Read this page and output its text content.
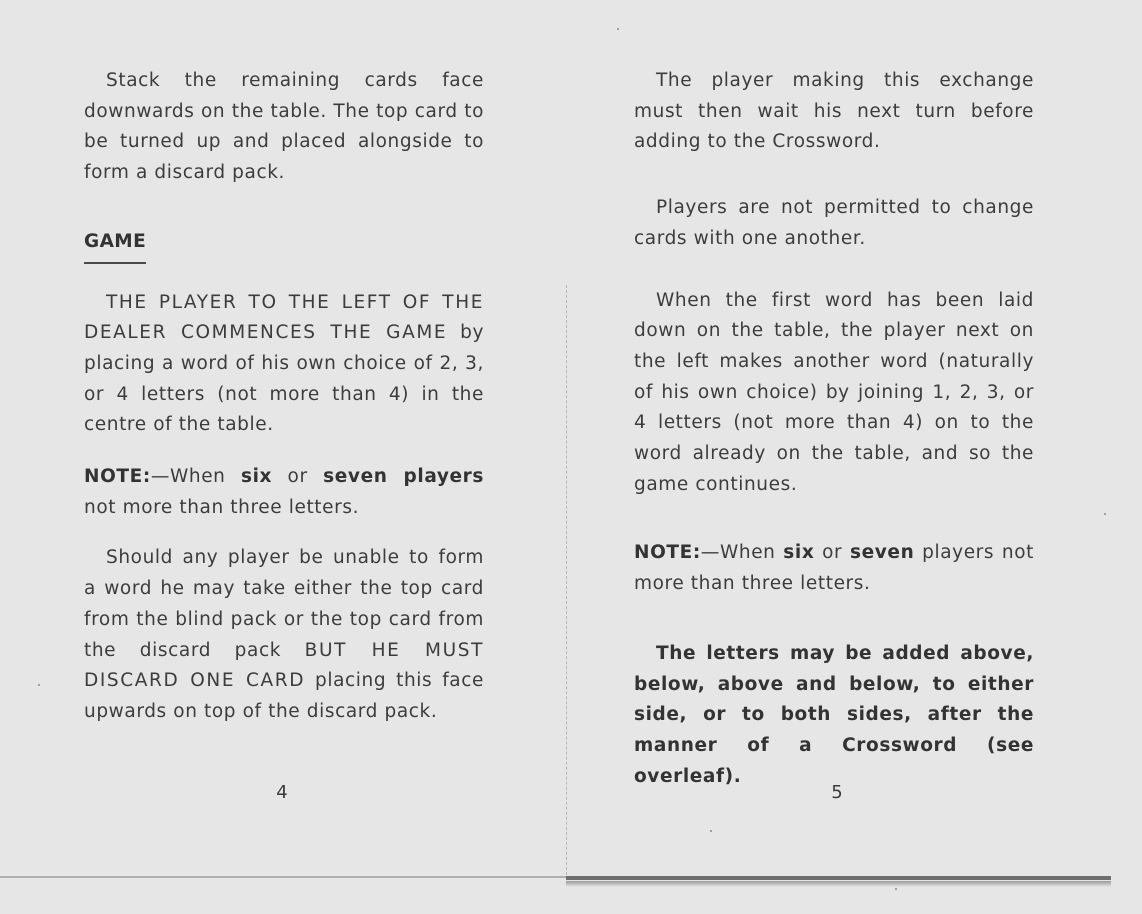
Stack the remaining cards face downwards on the table. The top card to be turned up and placed alongside to form a discard pack.

GAME

THE PLAYER TO THE LEFT OF THE DEALER COMMENCES THE GAME by placing a word of his own choice of 2, 3, or 4 letters (not more than 4) in the centre of the table.

NOTE:—When six or seven players not more than three letters.

Should any player be unable to form a word he may take either the top card from the blind pack or the top card from the discard pack BUT HE MUST DISCARD ONE CARD placing this face upwards on top of the discard pack.

4

The player making this exchange must then wait his next turn before adding to the Crossword.

Players are not permitted to change cards with one another.

When the first word has been laid down on the table, the player next on the left makes another word (naturally of his own choice) by joining 1, 2, 3, or 4 letters (not more than 4) on to the word already on the table, and so the game continues.

NOTE:—When six or seven players not more than three letters.

The letters may be added above, below, above and below, to either side, or to both sides, after the manner of a Crossword (see overleaf).

5
